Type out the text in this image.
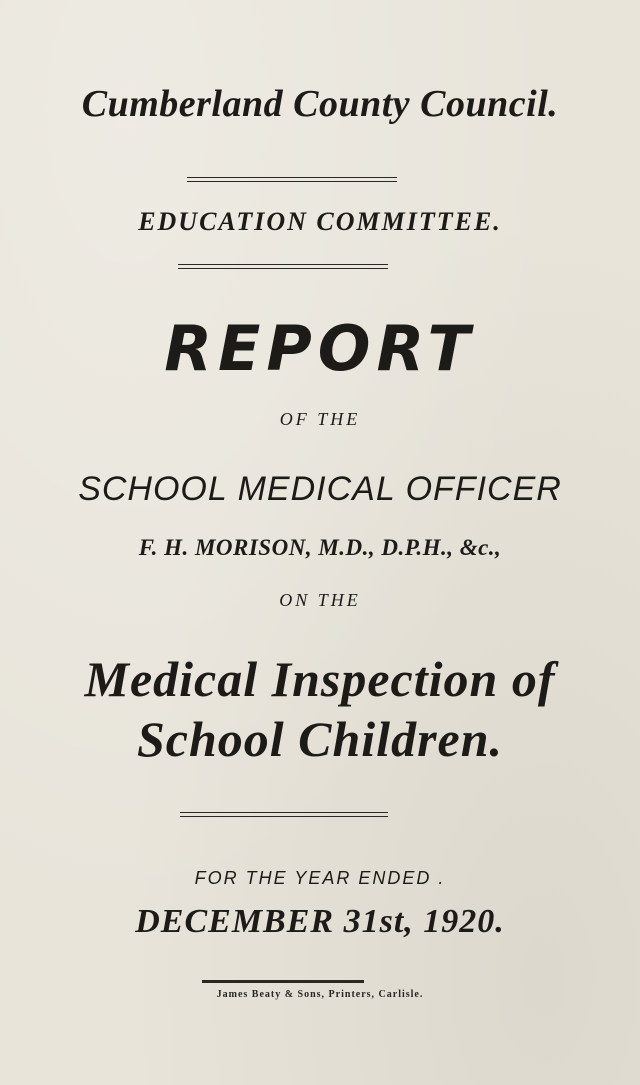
Cumberland County Council.
EDUCATION COMMITTEE.
REPORT
OF THE
SCHOOL MEDICAL OFFICER
F. H. MORISON, M.D., D.P.H., &c.,
ON THE
Medical Inspection of
School Children.
FOR THE YEAR ENDED .
DECEMBER 31st, 1920.
James Beaty & Sons, Printers, Carlisle.
